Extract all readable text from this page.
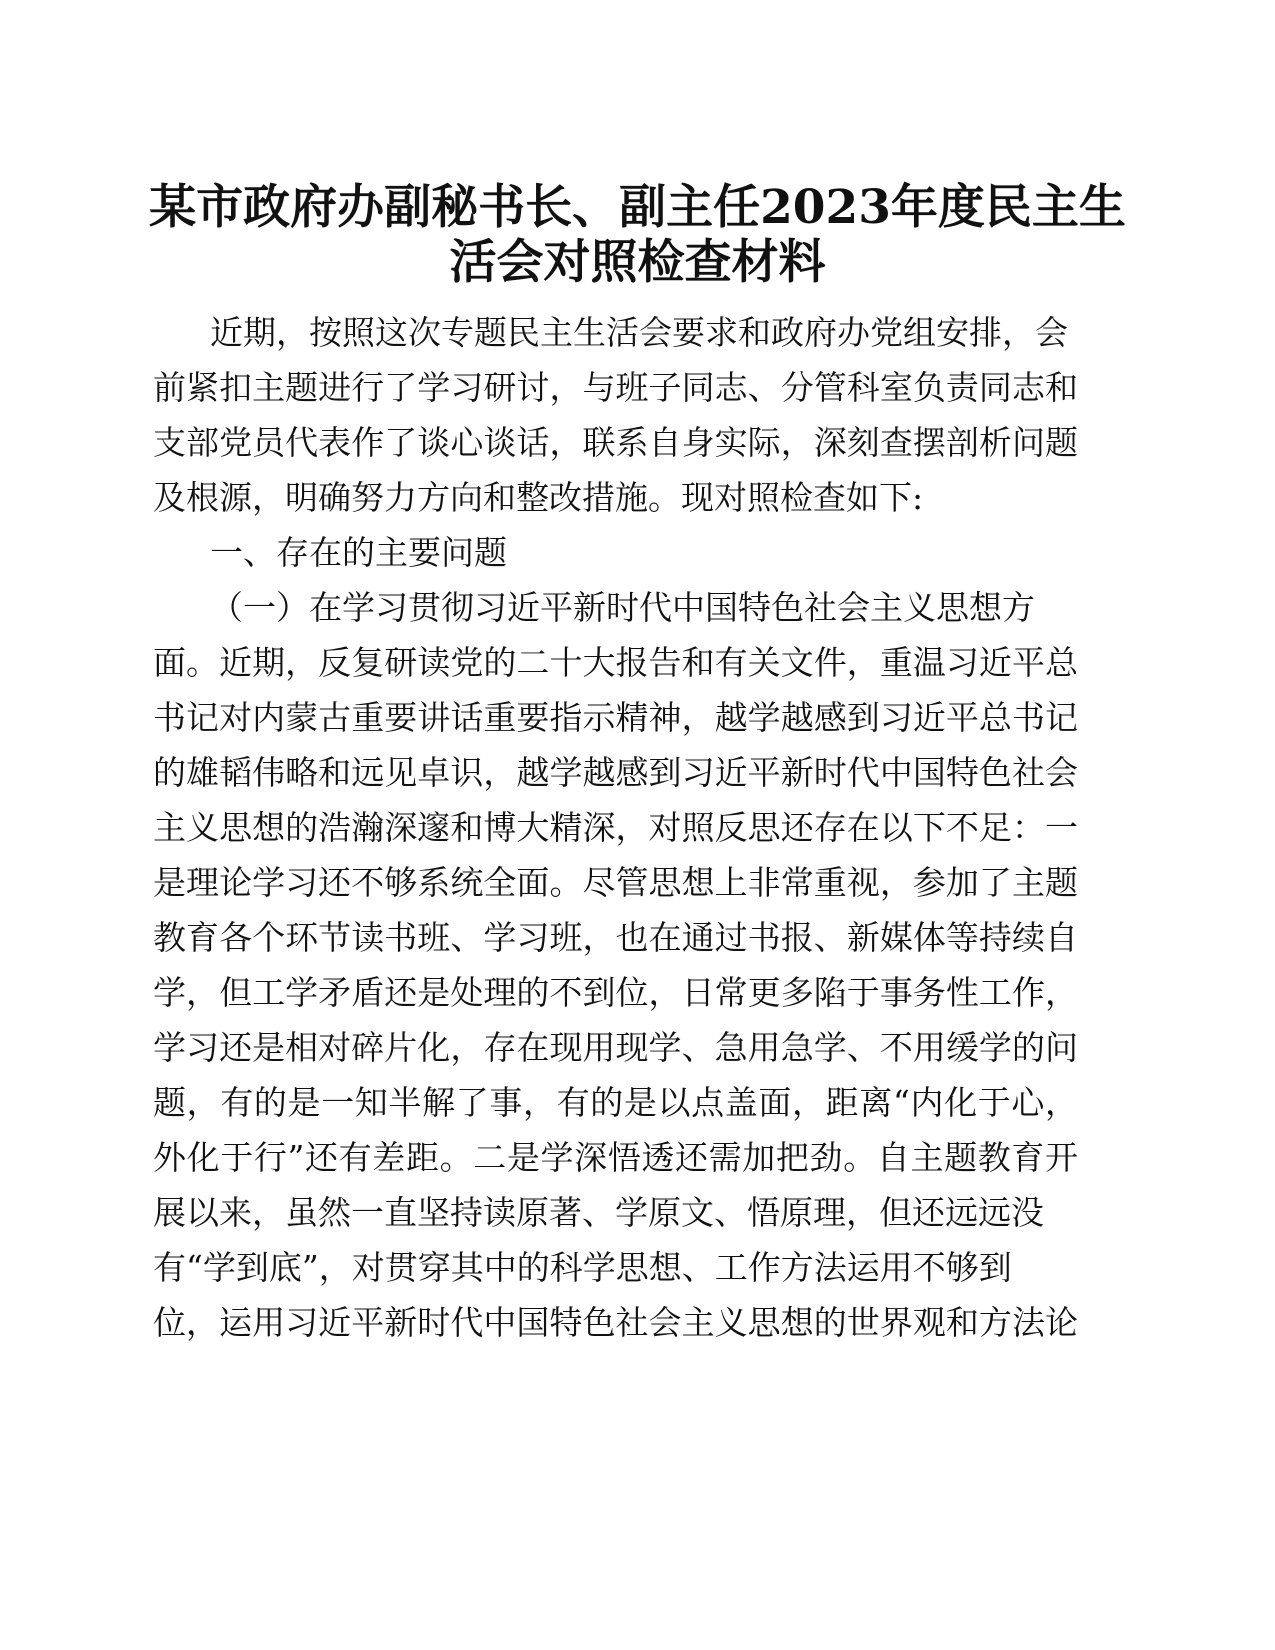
某市政府办副秘书长、副主任2023年度民主生
活会对照检查材料
近期，按照这次专题民主生活会要求和政府办党组安排，会
前紧扣主题进行了学习研讨，与班子同志、分管科室负责同志和
支部党员代表作了谈心谈话，联系自身实际，深刻查摆剖析问题
及根源，明确努力方向和整改措施。现对照检查如下:
一、存在的主要问题
（一）在学习贯彻习近平新时代中国特色社会主义思想方
面。近期，反复研读党的二十大报告和有关文件，重温习近平总
书记对内蒙古重要讲话重要指示精神，越学越感到习近平总书记
的雄韬伟略和远见卓识，越学越感到习近平新时代中国特色社会
主义思想的浩瀚深邃和博大精深，对照反思还存在以下不足：一
是理论学习还不够系统全面。尽管思想上非常重视，参加了主题
教育各个环节读书班、学习班，也在通过书报、新媒体等持续自
学，但工学矛盾还是处理的不到位，日常更多陷于事务性工作，
学习还是相对碎片化，存在现用现学、急用急学、不用缓学的问
题，有的是一知半解了事，有的是以点盖面，距离“内化于心，
外化于行”还有差距。二是学深悟透还需加把劲。自主题教育开
展以来，虽然一直坚持读原著、学原文、悟原理，但还远远没
有“学到底”，对贯穿其中的科学思想、工作方法运用不够到
位，运用习近平新时代中国特色社会主义思想的世界观和方法论
